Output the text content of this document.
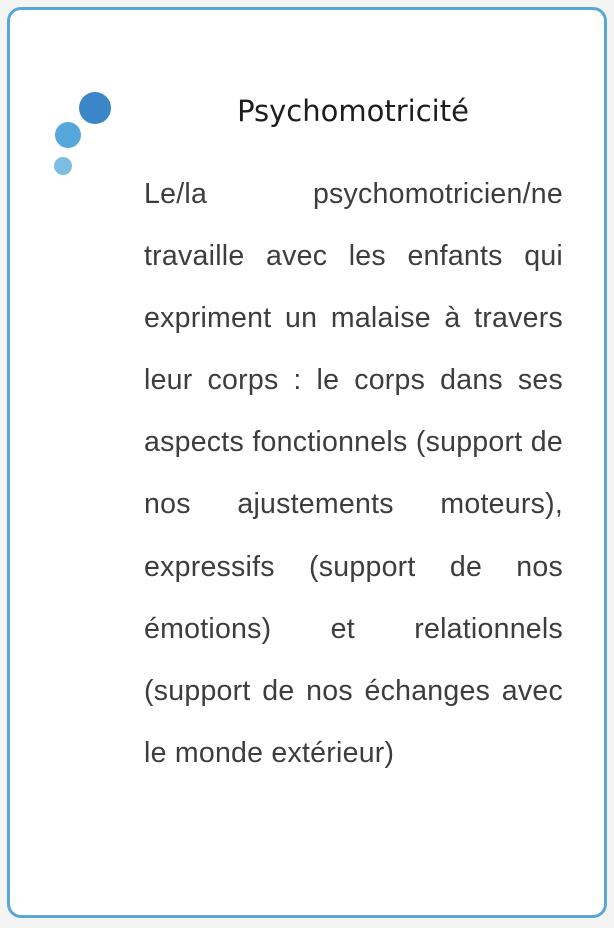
Psychomotricité

Le/la psychomotricien/ne travaille avec les enfants qui expriment un malaise à travers leur corps : le corps dans ses aspects fonctionnels (support de nos ajustements moteurs), expressifs (support de nos émotions) et relationnels (support de nos échanges avec le monde extérieur)
